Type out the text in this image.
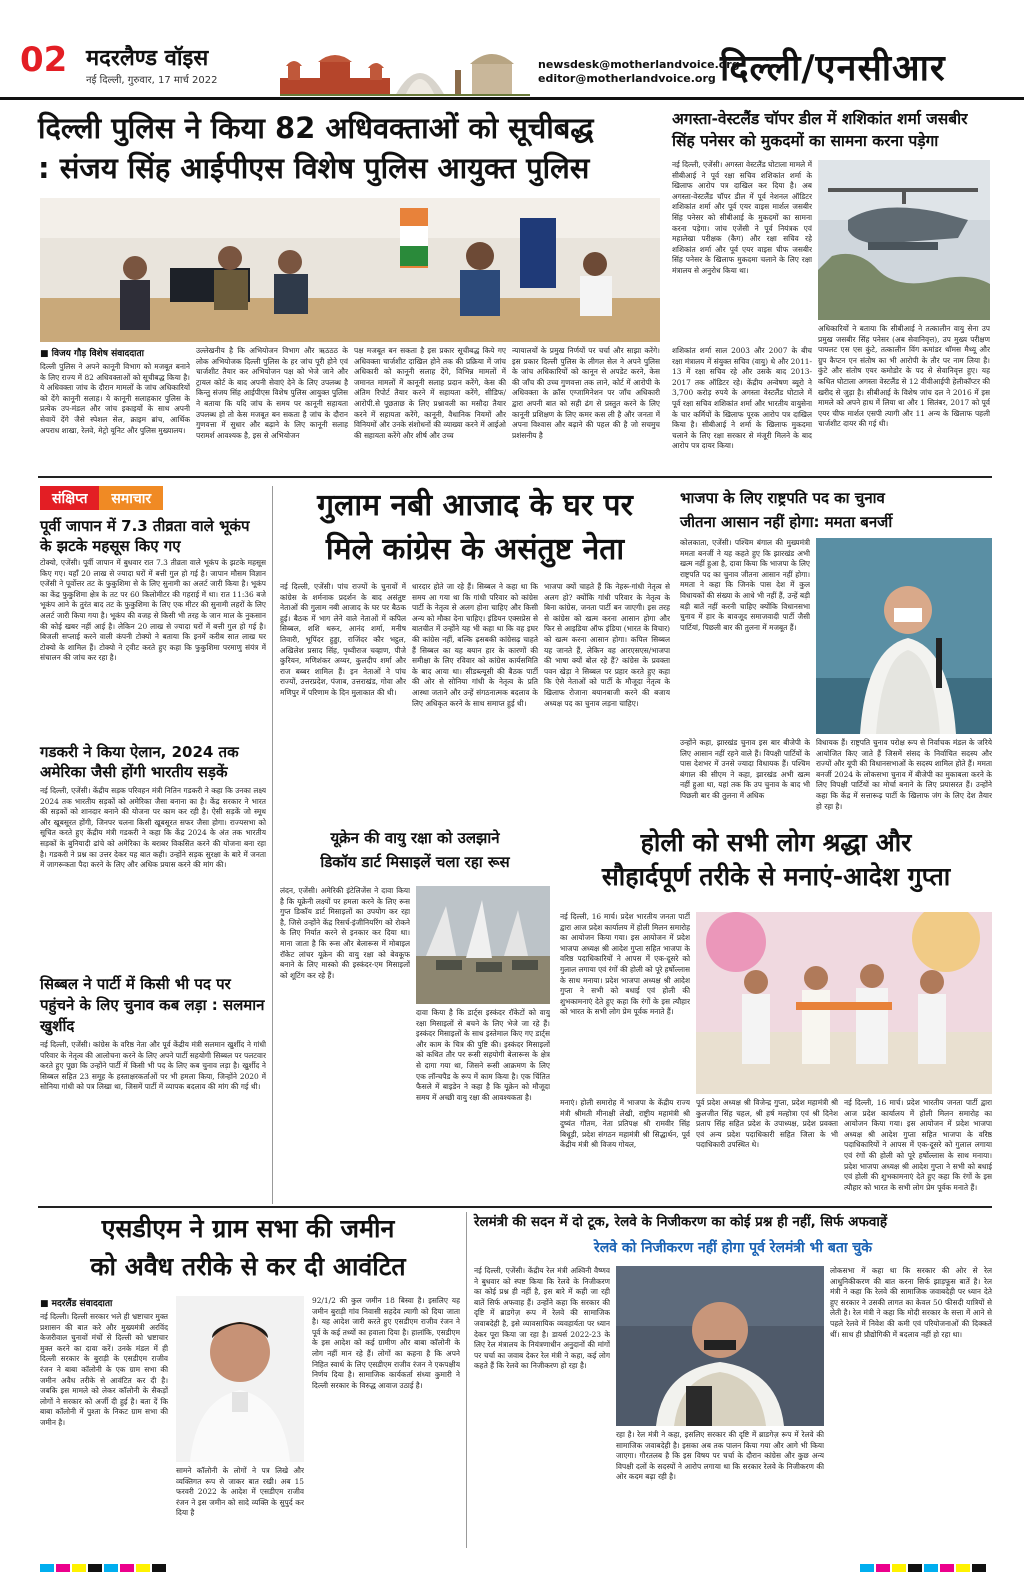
02 मदरलैण्ड वॉइस
नई दिल्ली, गुरुवार, 17 मार्च 2022
newsdesk@motherlandvoice.org
editor@motherlandvoice.org दिल्ली/एनसीआर
दिल्ली पुलिस ने किया 82 अधिवक्ताओं को सूचीबद्ध
: संजय सिंह आईपीएस विशेष पुलिस आयुक्त पुलिस
■ विजय गौड़ विशेष संवाददाता
दिल्ली पुलिस ने अपने कानूनी विभाग को मजबूत बनाने के लिए राज्य में 82 अधिवक्ताओं को सूचीबद्ध किया है। ये अधिवक्ता जांच के दौरान मामलों के जांच अधिकारियों को देंगे कानूनी सलाह। ये कानूनी सलाहकार पुलिस के प्रत्येक उप-मंडल और जांच इकाइयों के साथ अपनी सेवायें देंगे जैसे स्पेशल सेल, क्राइम ब्रांच, आर्थिक अपराध शाखा, रेलवे, मेट्रो यूनिट और पुलिस मुख्यालय।
उल्लेखनीय है कि अभियोजन विभाग और ऋठठठ के लोक अभियोजक दिल्ली पुलिस के हर जांच पूरी होने एवं चार्जशीट तैयार कर अभियोजन पक्ष को भेजे जाने और ट्रायल कोर्ट के बाद अपनी सेवाएं देने के लिए उपलब्ध है किन्तु संजय सिंह आईपीएस विशेष पुलिस आयुक्त पुलिस ने बताया कि यदि जांच के समय पर कानूनी सहायता उपलब्ध हो तो केस मजबूत बन सकता है जांच के दौरान गुणवत्ता में सुधार और बढ़ाने के लिए कानूनी सलाह परामर्श आवश्यक है, इस से अभियोजन
पक्ष मजबूत बन सकता है इस प्रकार सूचीबद्ध किये गए अधिवक्ता चार्जशीट दाखिल होने तक की प्रक्रिया में जांच अधिकारी को कानूनी सलाह देंगे, विभिन्न मामलों में जमानत मामलों में कानूनी सलाह प्रदान करेंगे, केस की अंतिम रिपोर्ट तैयार करने में सहायता करेंगे, सीडिफ/आरोपी.से पूछताछ के लिए प्रश्नावली का मसौदा तैयार करने में सहायता करेंगे, कानूनी, वैधानिक नियमों और विनियमों और उनके संशोधनों की व्याख्या करने में आईओ की सहायता करेंगे और शीर्ष और उच्च
न्यायालयों के प्रमुख निर्णयों पर चर्चा और साझा करेंगे। इस प्रकार दिल्ली पुलिस के लीगल सेल ने अपने पुलिस के जांच अधिकारियों को कानून से अपडेट करने, केस की जाँच की उच्च गुणवत्ता तक लाने, कोर्ट में आरोपी के अधिवक्ता के क्रॉस एग्जामिनेशन पर जाँच अधिकारी द्वारा अपनी बात को सही ढंग से प्रस्तुत करने के लिए कानूनी प्रशिक्षण के लिए कमर कस ली है और जनता में अपना विश्वास और बढ़ाने की पहल की है जो सचमुच प्रशंसनीय है
अगस्ता-वेस्टलैंड चॉपर डील में शशिकांत शर्मा जसबीर
सिंह पनेसर को मुकदमों का सामना करना पड़ेगा
नई दिल्ली, एजेंसी। अगस्ता वेस्टलैंड घोटाला मामले में सीबीआई ने पूर्व रक्षा सचिव शशिकांत शर्मा के खिलाफ आरोप पत्र दाखिल कर दिया है। अब अगस्ता-वेस्टलैंड चॉपर डील में पूर्व नेशनल ऑडिटर शशिकांत शर्मा और पूर्व एयर वाइस मार्शल जसबीर सिंह पनेसर को सीबीआई के मुकदमों का सामना करना पड़ेगा। जांच एजेंसी ने पूर्व नियंत्रक एवं महालेखा परीक्षक (कैग) और रक्षा सचिव रहे शशिकांत शर्मा और पूर्व एयर वाइस चीफ जसबीर सिंह पनेसर के खिलाफ मुकदमा चलाने के लिए रक्षा मंत्रालय से अनुरोध किया था।
शशिकांत शर्मा साल 2003 और 2007 के बीच रक्षा मंत्रालय में संयुक्त सचिव (वायु) थे और 2011-13 में रक्षा सचिव रहे और उसके बाद 2013-2017 तक ऑडिटर रहे। केंद्रीय अन्वेषण ब्यूरो ने 3,700 करोड़ रुपये के अगस्ता वेस्टलैंड घोटाले में पूर्व रक्षा सचिव शशिकांत शर्मा और भारतीय वायुसेना के चार कर्मियों के खिलाफ पूरक आरोप पत्र दाखिल किया है। सीबीआई ने शर्मा के खिलाफ मुकदमा चलाने के लिए रक्षा सरकार से मंजूरी मिलने के बाद आरोप पत्र दायर किया।
अधिकारियों ने बताया कि सीबीआई ने तत्कालीन वायु सेना उप प्रमुख जसबीर सिंह पनेसर (अब सेवानिवृत्त), उप मुख्य परीक्षण पायलट एस एस कुंटे, तत्कालीन विंग कमांडर थॉमस मैथ्यू और ग्रुप कैप्टन एन संतोष का भी आरोपी के तौर पर नाम लिया है। कुंटे और संतोष एयर कमोडोर के पद से सेवानिवृत्त हुए। यह कथित घोटाला अगस्ता वेस्टलैंड से 12 वीवीआईपी हेलीकॉप्टर की खरीद से जुड़ा है। सीबीआई के विशेष जांच दल ने 2016 में इस मामले को अपने हाथ में लिया था और 1 सितंबर, 2017 को पूर्व एयर चीफ मार्शल एसपी त्यागी और 11 अन्य के खिलाफ पहली चार्जशीट दायर की गई थी।
संक्षिप्त	समाचार
पूर्वी जापान में 7.3 तीव्रता वाले भूकंप के झटके महसूस किए गए
टोक्यो, एजेंसी। पूर्वी जापान में बुधवार रात 7.3 तीव्रता वाले भूकंप के झटके महसूस किए गए। यहाँ 20 लाख से ज्यादा घरों में बत्ती गुल हो गई है। जापान मौसम विज्ञान एजेंसी ने पूर्वोत्तर तट के फुकुशिमा से के लिए सुनामी का अलर्ट जारी किया है। भूकंप का केंद्र फुकुशिमा क्षेत्र के तट पर 60 किलोमीटर की गहराई में था। रात 11:36 बजे भूकंप आने के तुरंत बाद तट के फुकुशिमा के लिए एक मीटर की सुनामी लहरों के लिए अलर्ट जारी किया गया है। भूकंप की वजह से किसी भी तरह के जान माल के नुकसान की कोई खबर नहीं आई है। लेकिन 20 लाख से ज्यादा घरों में बत्ती गुल हो गई है। बिजली सप्लाई करने वाली कंपनी टोक्यो ने बताया कि इनमें करीब सात लाख घर टोक्यो के शामिल हैं। टोक्यो ने ट्वीट करते हुए कहा कि फुकुशिमा परमाणु संयंत्र में संचालन की जांच कर रहा है।
गडकरी ने किया ऐलान, 2024 तक अमेरिका जैसी होंगी भारतीय सड़कें
नई दिल्ली, एजेंसी। केंद्रीय सड़क परिवहन मंत्री नितिन गडकरी ने कहा कि उनका लक्ष्य 2024 तक भारतीय सड़कों को अमेरिका जैसा बनाना का है। केंद्र सरकार ने भारत की सड़कों को शानदार बनाने की योजना पर काम कर रही है। ऐसी सड़कें जो स्मूथ और खूबसूरत होंगी, जिनपर चलना किसी खूबसूरत सफर जैसा होगा। राज्यसभा को सूचित करते हुए केंद्रीय मंत्री गडकरी ने कहा कि केंद्र 2024 के अंत तक भारतीय सड़कों के बुनियादी ढांचे को अमेरिका के बराबर विकसित करने की योजना बना रहा है। गडकरी ने प्रश्न का उत्तर देकर यह बात कही। उन्होंने सड़क सुरक्षा के बारे में जनता में जागरूकता पैदा करने के लिए और अधिक प्रयास करने की मांग की।
सिब्बल ने पार्टी में किसी भी पद पर पहुंचने के लिए चुनाव कब लड़ा : सलमान खुर्शीद
नई दिल्ली, एजेंसी। कांग्रेस के वरिष्ठ नेता और पूर्व केंद्रीय मंत्री सलमान खुर्शीद ने गांधी परिवार के नेतृत्व की आलोचना करने के लिए अपने पार्टी सहयोगी सिब्बल पर पलटवार करते हुए पूछा कि उन्होंने पार्टी में किसी भी पद के लिए कब चुनाव लड़ा है। खुर्शीद ने सिब्बल सहित 23 समूह के हस्ताक्षरकर्ताओं पर भी हमला किया, जिन्होंने 2020 में सोनिया गांधी को पत्र लिखा था, जिसमें पार्टी में व्यापक बदलाव की मांग की गई थी।
गुलाम नबी आजाद के घर पर
मिले कांग्रेस के असंतुष्ट नेता
नई दिल्ली, एजेंसी। पांच राज्यों के चुनावों में कांग्रेस के शर्मनाक प्रदर्शन के बाद असंतुष्ट नेताओं की गुलाम नबी आजाद के घर पर बैठक हुई। बैठक में भाग लेने वाले नेताओं में कपिल सिब्बल, शशि थरूर, आनंद शर्मा, मनीष तिवारी, भूपिंदर हुड्डा, राजिंदर कौर भट्ठल, अखिलेश प्रसाद सिंह, पृथ्वीराज चव्हाण, पीजे कुरियन, मणिशंकर अय्यर, कुलदीप शर्मा और राज बब्बर शामिल हैं। इन नेताओं ने पांच राज्यों, उत्तरप्रदेश, पंजाब, उत्तराखंड, गोवा और मणिपुर में परिणाम के दिन मुलाकात की थी।
धारदार होते जा रहे हैं। सिब्बल ने कहा था कि समय आ गया था कि गांधी परिवार को कांग्रेस पार्टी के नेतृत्व से अलग होना चाहिए और किसी अन्य को मौका देना चाहिए। इंडियन एक्सप्रेस से बातचीत में उन्होंने यह भी कहा था कि वह इघर की कांग्रेस नहीं, बल्कि ढ़सबकी कांग्रेसढ़ चाहते हैं सिब्बल का यह बयान हार के कारणों की समीक्षा के लिए रविवार को कांग्रेस कार्यसमिति के बाद आया था। सीडब्ल्यूसी की बैठक पार्टी की ओर से सोनिया गांधी के नेतृत्व के प्रति आस्था जताने और उन्हें संगठनात्मक बदलाव के लिए अधिकृत करने के साथ समाप्त हुई थी।
भाजपा क्यों चाहते हैं कि नेहरू-गांधी नेतृत्व से अलग हो? क्योंकि गांधी परिवार के नेतृत्व के बिना कांग्रेस, जनता पार्टी बन जाएगी। इस तरह से कांग्रेस को खत्म करना आसान होगा और फिर से आइडिया ऑफ इंडिया (भारत के विचार) को खत्म करना आसान होगा। कपिल सिब्बल यह जानते हैं, लेकिन वह आरएसएस/भाजपा की भाषा क्यों बोल रहे हैं? कांग्रेस के प्रवक्ता पवन खेड़ा ने सिब्बल पर प्रहार करते हुए कहा कि ऐसे नेताओं को पार्टी के मौजूदा नेतृत्व के खिलाफ रोजाना बयानबाजी करने की बजाय अध्यक्ष पद का चुनाव लड़ना चाहिए।
भाजपा के लिए राष्ट्रपति पद का चुनाव
जीतना आसान नहीं होगा: ममता बनर्जी
कोलकाता, एजेंसी। पश्चिम बंगाल की मुख्यमंत्री ममता बनर्जी ने यह कहते हुए कि झारखंड अभी खत्म नहीं हुआ है, दावा किया कि भाजपा के लिए राष्ट्रपति पद का चुनाव जीतना आसान नहीं होगा। ममता ने कहा कि जिनके पास देश में कुल विधायकों की संख्या के आधे भी नहीं हैं, उन्हें बड़ी बड़ी बातें नहीं करनी चाहिए क्योंकि विधानसभा चुनाव में हार के बावजूद समाजवादी पार्टी जैसी पार्टियां, पिछली बार की तुलना में मजबूत हैं।
उन्होंने कहा, झारखंड चुनाव इस बार बीजेपी के लिए आसान नहीं रहने वाले हैं। विपक्षी पार्टियों के पास देशभर में उनसे ज्यादा विधायक हैं। पश्चिम बंगाल की सीएम ने कहा, झारखंड अभी खत्म नहीं हुआ था, यहां तक कि उप चुनाव के बाद भी पिछली बार की तुलना में अधिक
विधायक हैं। राष्ट्रपति चुनाव परोक्ष रूप से निर्वाचक मंडल के जरिये आयोजित किए जाते हैं जिसमें संसद के निर्वाचित सदस्य और राज्यों और यूपी की विधानसभाओं के सदस्य शामिल होते हैं। ममता बनर्जी 2024 के लोकसभा चुनाव में बीजेपी का मुकाबला करने के लिए विपक्षी पार्टियों का मोर्चा बनाने के लिए प्रयासरत हैं। उन्होंने कहा कि केंद्र में सत्तारूढ़ पार्टी के खिलाफ जंग के लिए देश तैयार हो रहा है।
यूक्रेन की वायु रक्षा को उलझाने
डिकॉय डार्ट मिसाइलें चला रहा रूस
लंदन, एजेंसी। अमेरिकी इंटेलिजेंस ने दावा किया है कि यूक्रेनी लक्ष्यों पर हमला करने के लिए रूस गुप्त डिकॉय डार्ट मिसाइलों का उपयोग कर रहा है, जिसे उन्होंने केंद्र रिसर्च-इंजीनियरिंग को रोकने के लिए निर्यात करने से इनकार कर दिया था। माना जाता है कि रूस और बेलारूस में मोबाइल रॉकेट लांचर यूक्रेन की वायु रक्षा को बेवकूफ बनाने के लिए मास्को की इस्कंदर-एम मिसाइलों को शूटिंग कर रहे हैं।
दावा किया है कि डार्ट्स इस्कंदर रॉकेटों को वायु रक्षा मिसाइलों से बचने के लिए भेजे जा रहे हैं। इस्कंदर मिसाइलों के साथ इस्तेमाल किए गए डार्ट्स और काम के चित्र की पुष्टि की। इस्कंदर मिसाइलों को कथित तौर पर रूसी सहयोगी बेलारूस के क्षेत्र से दागा गया था, जिसने रूसी आक्रमण के लिए एक लॉन्चपैड के रूप में काम किया है। एक चिंतित फैसले में बाइडेन ने कहा है कि यूक्रेन को मौजूदा समय में अच्छी वायु रक्षा की आवश्यकता है।
होली को सभी लोग श्रद्धा और
सौहार्दपूर्ण तरीके से मनाएं-आदेश गुप्ता
नई दिल्ली, 16 मार्च। प्रदेश भारतीय जनता पार्टी द्वारा आज प्रदेश कार्यालय में होली मिलन समारोह का आयोजन किया गया। इस आयोजन में प्रदेश भाजपा अध्यक्ष श्री आदेश गुप्ता सहित भाजपा के वरिष्ठ पदाधिकारियों ने आपस में एक-दूसरे को गुलाल लगाया एवं रंगों की होली को पूरे हर्षोल्लास के साथ मनाया। प्रदेश भाजपा अध्यक्ष श्री आदेश गुप्ता ने सभी को बधाई एवं होली की शुभकामनाएं देते हुए कहा कि रंगों के इस त्यौहार को भारत के सभी लोग प्रेम पूर्वक मनाते हैं।
मनाएं। होली समारोह में भाजपा के केंद्रीय राज्य मंत्री श्रीमती मीनाक्षी लेखी, राष्ट्रीय महामंत्री श्री दुष्यंत गौतम, नेता प्रतिपक्ष श्री रामवीर सिंह बिधूड़ी, प्रदेश संगठन महामंत्री श्री सिद्धार्थन, पूर्व केंद्रीय मंत्री श्री विजय गोयल,
पूर्व प्रदेश अध्यक्ष श्री विजेन्द्र गुप्ता, प्रदेश महामंत्री श्री कुलजीत सिंह चहल, श्री हर्ष मल्होत्रा एवं श्री दिनेश प्रताप सिंह सहित प्रदेश के उपाध्यक्ष, प्रदेश प्रवक्ता एवं अन्य प्रदेश पदाधिकारी सहित जिला के भी पदाधिकारी उपस्थित थे।
नई दिल्ली, 16 मार्च। प्रदेश भारतीय जनता पार्टी द्वारा आज प्रदेश कार्यालय में होली मिलन समारोह का आयोजन किया गया। इस आयोजन में प्रदेश भाजपा अध्यक्ष श्री आदेश गुप्ता सहित भाजपा के वरिष्ठ पदाधिकारियों ने आपस में एक-दूसरे को गुलाल लगाया एवं रंगों की होली को पूरे हर्षोल्लास के साथ मनाया। प्रदेश भाजपा अध्यक्ष श्री आदेश गुप्ता ने सभी को बधाई एवं होली की शुभकामनाएं देते हुए कहा कि रंगों के इस त्यौहार को भारत के सभी लोग प्रेम पूर्वक मनाते हैं।
एसडीएम ने ग्राम सभा की जमीन
को अवैध तरीके से कर दी आवंटित
■ मदरलैंड संवाददाता
नई दिल्ली। दिल्ली सरकार भले ही भ्रष्टाचार मुक्त प्रशासन की बात करे और मुख्यमंत्री अरविंद केजरीवाल चुनावों मंचों से दिल्ली को भ्रष्टाचार मुक्त करने का दावा करें। उनके मंडल में ही दिल्ली सरकार के बुराड़ी के एसडीएम राजीव रंजन ने बाबा कॉलोनी के एक ग्राम सभा की जमीन अवैध तरीके से आवंटित कर दी है। जबकि इस मामले को लेकर कॉलोनी के सैकड़ों लोगों ने सरकार को अर्जी दी हुई है। बता दें कि बाबा कॉलोनी में पुश्ता के निकट ग्राम सभा की जमीन है।
सामने कॉलोनी के लोगों ने पत्र लिखे और व्यक्तिगत रूप से जाकर बात रखी। अब 15 फरवरी 2022 के आदेश में एसडीएम राजीव रंजन ने इस जमीन को सादे व्यक्ति के सुपुर्द कर दिया है
92/1/2 की कुल जमीन 18 बिस्वा है। इसलिए यह जमीन बुराड़ी गांव निवासी सहदेव त्यागी को दिया जाता है। यह आदेश जारी करते हुए एसडीएम राजीव रंजन ने पूर्व के कई तथ्यों का हवाला दिया है। हालांकि, एसडीएम के इस आदेश को कई ग्रामीण और बाबा कॉलोनी के लोग नहीं मान रहे हैं। लोगों का कहना है कि अपने निहित स्वार्थ के लिए एसडीएम राजीव रंजन ने एकपक्षीय निर्णय दिया है। सामाजिक कार्यकर्ता संध्या कुमारी ने दिल्ली सरकार के विरुद्ध आवाज उठाई है।
रेलमंत्री की सदन में दो टूक, रेलवे के निजीकरण का कोई प्रश्न ही नहीं, सिर्फ अफवाहें
रेलवे को निजीकरण नहीं होगा पूर्व रेलमंत्री भी बता चुके
नई दिल्ली, एजेंसी। केंद्रीय रेल मंत्री अश्विनी वैष्णव ने बुधवार को स्पष्ट किया कि रेलवे के निजीकरण का कोई प्रश्न ही नहीं है, इस बारे में कही जा रही बातें सिर्फ अफवाह हैं। उन्होंने कहा कि सरकार की दृष्टि में ब्राडगेज़ रूप में रेलवे की सामाजिक जवाबदेही है, इसे व्यावसायिक व्यवहार्यता पर ध्यान देकर पूरा किया जा रहा है। डायर्स 2022-23 के लिए रेल मंत्रालय के नियंत्रणाधीन अनुदानों की मांगों पर चर्चा का जवाब देकर रेल मंत्री ने कहा, कई लोग कहते हैं कि रेलवे का निजीकरण हो रहा है।
रहा है। रेल मंत्री ने कहा, इसलिए सरकार की दृष्टि में ब्राडगेज़ रूप में रेलवे की सामाजिक जवाबदेही है। इसका अब तक पालन किया गया और आगे भी किया जाएगा। गौरतलब है कि इस विषय पर चर्चा के दौरान कांग्रेस और कुछ अन्य विपक्षी दलों के सदस्यों ने आरोप लगाया था कि सरकार रेलवे के निजीकरण की ओर कदम बढ़ा रही है।
लोकसभा में कहा था कि सरकार की ओर से रेल आधुनिकीकरण की बात करना सिर्फ झाड़फूस बातें है। रेल मंत्री ने कहा कि रेलवे की सामाजिक जवाबदेही पर ध्यान देते हुए सरकार ने उसकी लागत का केवल 50 फीसदी यात्रियों से लेती है। रेल मंत्री ने कहा कि मोदी सरकार के सत्ता में आने से पहले रेलवे में निवेश की कमी एवं परियोजनाओं की दिक्कतें थीं। साथ ही प्रौद्योगिकी में बदलाव नहीं हो रहा था।
